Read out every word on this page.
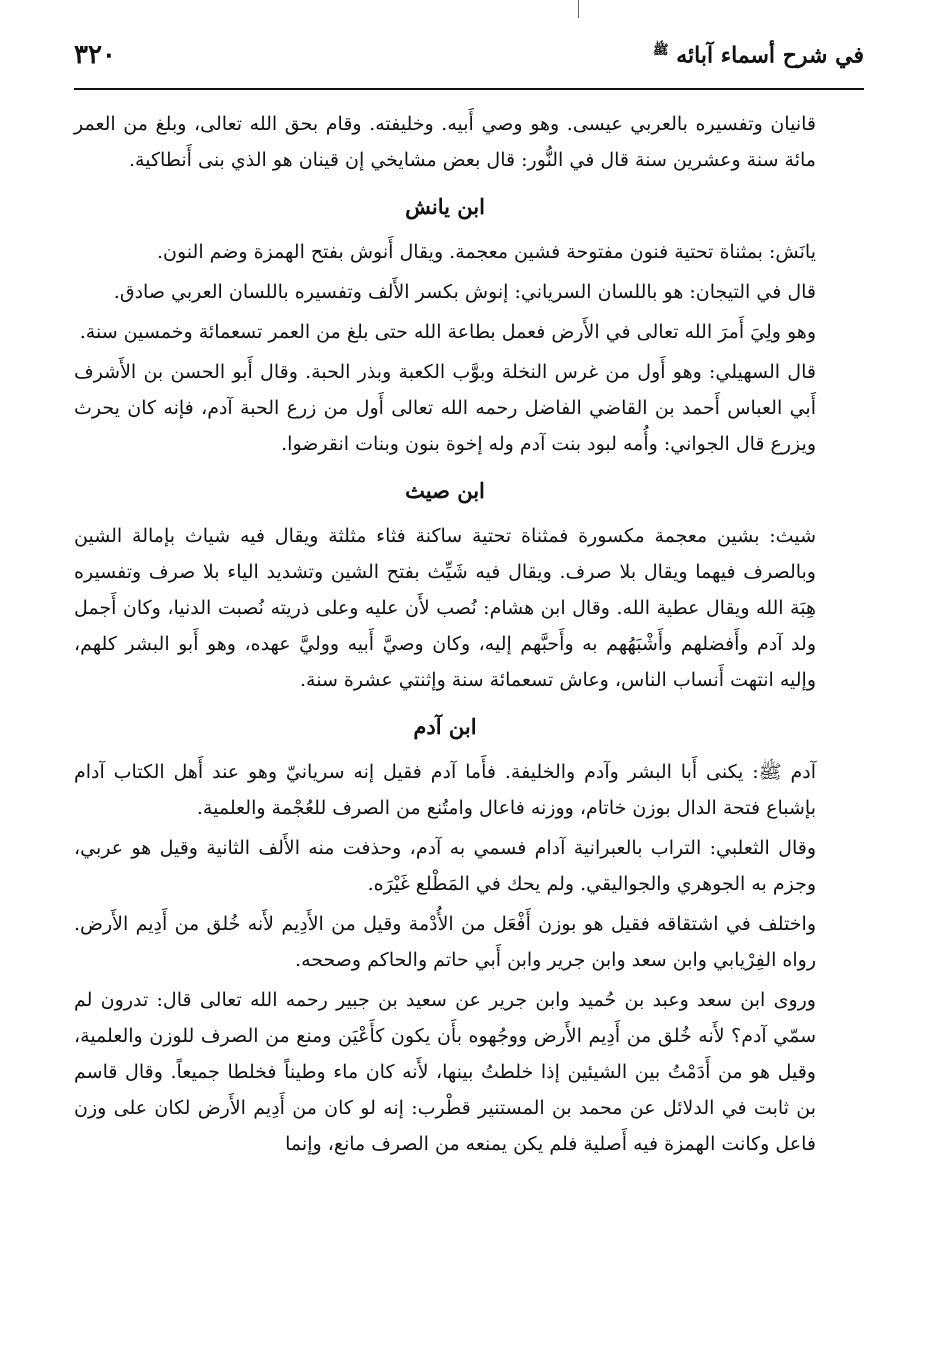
في شرح أسماء آبائه $^ﷺ$
٣٢٠

قانيان وتفسيره بالعربي عيسى. وهو وصي أَبيه. وخليفته. وقام بحق الله تعالى، وبلغ من العمر مائة سنة وعشرين سنة قال في النُّور: قال بعض مشايخي إن قينان هو الذي بنى أَنطاكية.

ابن يانش

يانَش: بمثناة تحتية فنون مفتوحة فشين معجمة. ويقال أَنوش بفتح الهمزة وضم النون.

قال في التيجان: هو باللسان السرياني: إنوش بكسر الأَلف وتفسيره باللسان العربي صادق.

وهو ولِيَ أَمرَ الله تعالى في الأَرض فعمل بطاعة الله حتى بلغ من العمر تسعمائة وخمسين سنة.

قال السهيلي: وهو أَول من غرس النخلة وبوَّب الكعبة وبذر الحبة. وقال أَبو الحسن بن الأَشرف أَبي العباس أَحمد بن القاضي الفاضل رحمه الله تعالى أَول من زرع الحبة آدم، فإنه كان يحرث ويزرع قال الجواني: وأُمه لبود بنت آدم وله إخوة بنون وبنات انقرضوا.

ابن صيث

شيث: بشين معجمة مكسورة فمثناة تحتية ساكنة فثاء مثلثة ويقال فيه شياث بإمالة الشين وبالصرف فيهما ويقال بلا صرف. ويقال فيه شَيِّث بفتح الشين وتشديد الياء بلا صرف وتفسيره هِبَة الله ويقال عطية الله. وقال ابن هشام: نُصب لأَن عليه وعلى ذريته نُصبت الدنيا، وكان أَجمل ولد آدم وأَفضلهم وأَشْبَهُهم به وأَحبَّهم إليه، وكان وصيَّ أَبيه ووليَّ عهده، وهو أَبو البشر كلهم، وإليه انتهت أَنساب الناس، وعاش تسعمائة سنة وإثنتي عشرة سنة.

ابن آدم

آدم ﷺ: يكنى أَبا البشر وآدم والخليفة. فأَما آدم فقيل إنه سريانيّ وهو عند أَهل الكتاب آدام بإشباع فتحة الدال بوزن خاتام، ووزنه فاعال وامتُنع من الصرف للعُجْمة والعلمية.

وقال الثعلبي: التراب بالعبرانية آدام فسمي به آدم، وحذفت منه الأَلف الثانية وقيل هو عربي، وجزم به الجوهري والجواليقي. ولم يحك في المَطْلع غَيْرَه.

واختلف في اشتقاقه فقيل هو بوزن أَفْعَل من الأُدْمة وقيل من الأَدِيم لأَنه خُلق من أَدِيم الأَرض. رواه الفِرْيابي وابن سعد وابن جرير وابن أَبي حاتم والحاكم وصححه.

وروى ابن سعد وعبد بن حُميد وابن جرير عن سعيد بن جبير رحمه الله تعالى قال: تدرون لم سمّي آدم؟ لأَنه خُلق من أَدِيم الأَرض ووجُهوه بأَن يكون كأَعْيَن ومنع من الصرف للوزن والعلمية، وقيل هو من أَدَمْتُ بين الشيئين إذا خلطتُ بينها، لأَنه كان ماء وطيناً فخلطا جميعاً. وقال قاسم بن ثابت في الدلائل عن محمد بن المستنير قطْرب: إنه لو كان من أَدِيم الأَرض لكان على وزن فاعل وكانت الهمزة فيه أَصلية فلم يكن يمنعه من الصرف مانع، وإنما
